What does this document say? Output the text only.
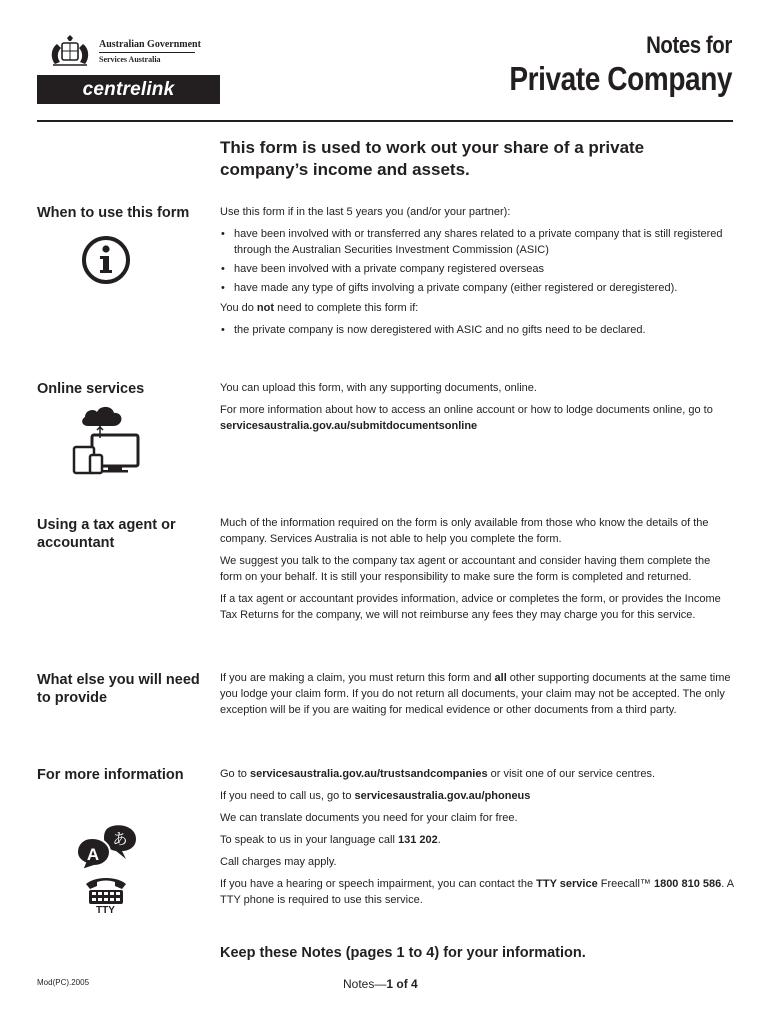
Australian Government
Services Australia
centrelink
Notes for
Private Company
This form is used to work out your share of a private company’s income and assets.
When to use this form	Use this form if in the last 5 years you (and/or your partner):

• have been involved with or transferred any shares related to a private company that is still registered through the Australian Securities Investment Commission (ASIC)
• have been involved with a private company registered overseas
• have made any type of gifts involving a private company (either registered or deregistered).

You do not need to complete this form if:

• the private company is now deregistered with ASIC and no gifts need to be declared.
Online services	You can upload this form, with any supporting documents, online.

For more information about how to access an online account or how to lodge documents online, go to servicesaustralia.gov.au/submitdocumentsonline

Using a tax agent or accountant

Much of the information required on the form is only available from those who know the details of the company. Services Australia is not able to help you complete the form.

We suggest you talk to the company tax agent or accountant and consider having them complete the form on your behalf. It is still your responsibility to make sure the form is completed and returned.

If a tax agent or accountant provides information, advice or completes the form, or provides the Income Tax Returns for the company, we will not reimburse any fees they may charge you for this service.

What else you will need to provide

If you are making a claim, you must return this form and all other supporting documents at the same time you lodge your claim form. If you do not return all documents, your claim may not be accepted. The only exception will be if you are waiting for medical evidence or other documents from a third party.

For more information
あ
A
TTY

Go to servicesaustralia.gov.au/trustsandcompanies or visit one of our service centres.

If you need to call us, go to servicesaustralia.gov.au/phoneus

We can translate documents you need for your claim for free.

To speak to us in your language call 131 202.

Call charges may apply.

If you have a hearing or speech impairment, you can contact the TTY service Freecall™ 1800 810 586. A TTY phone is required to use this service.

Keep these Notes (pages 1 to 4) for your information.
Mod(PC).2005	Notes—1 of 4
